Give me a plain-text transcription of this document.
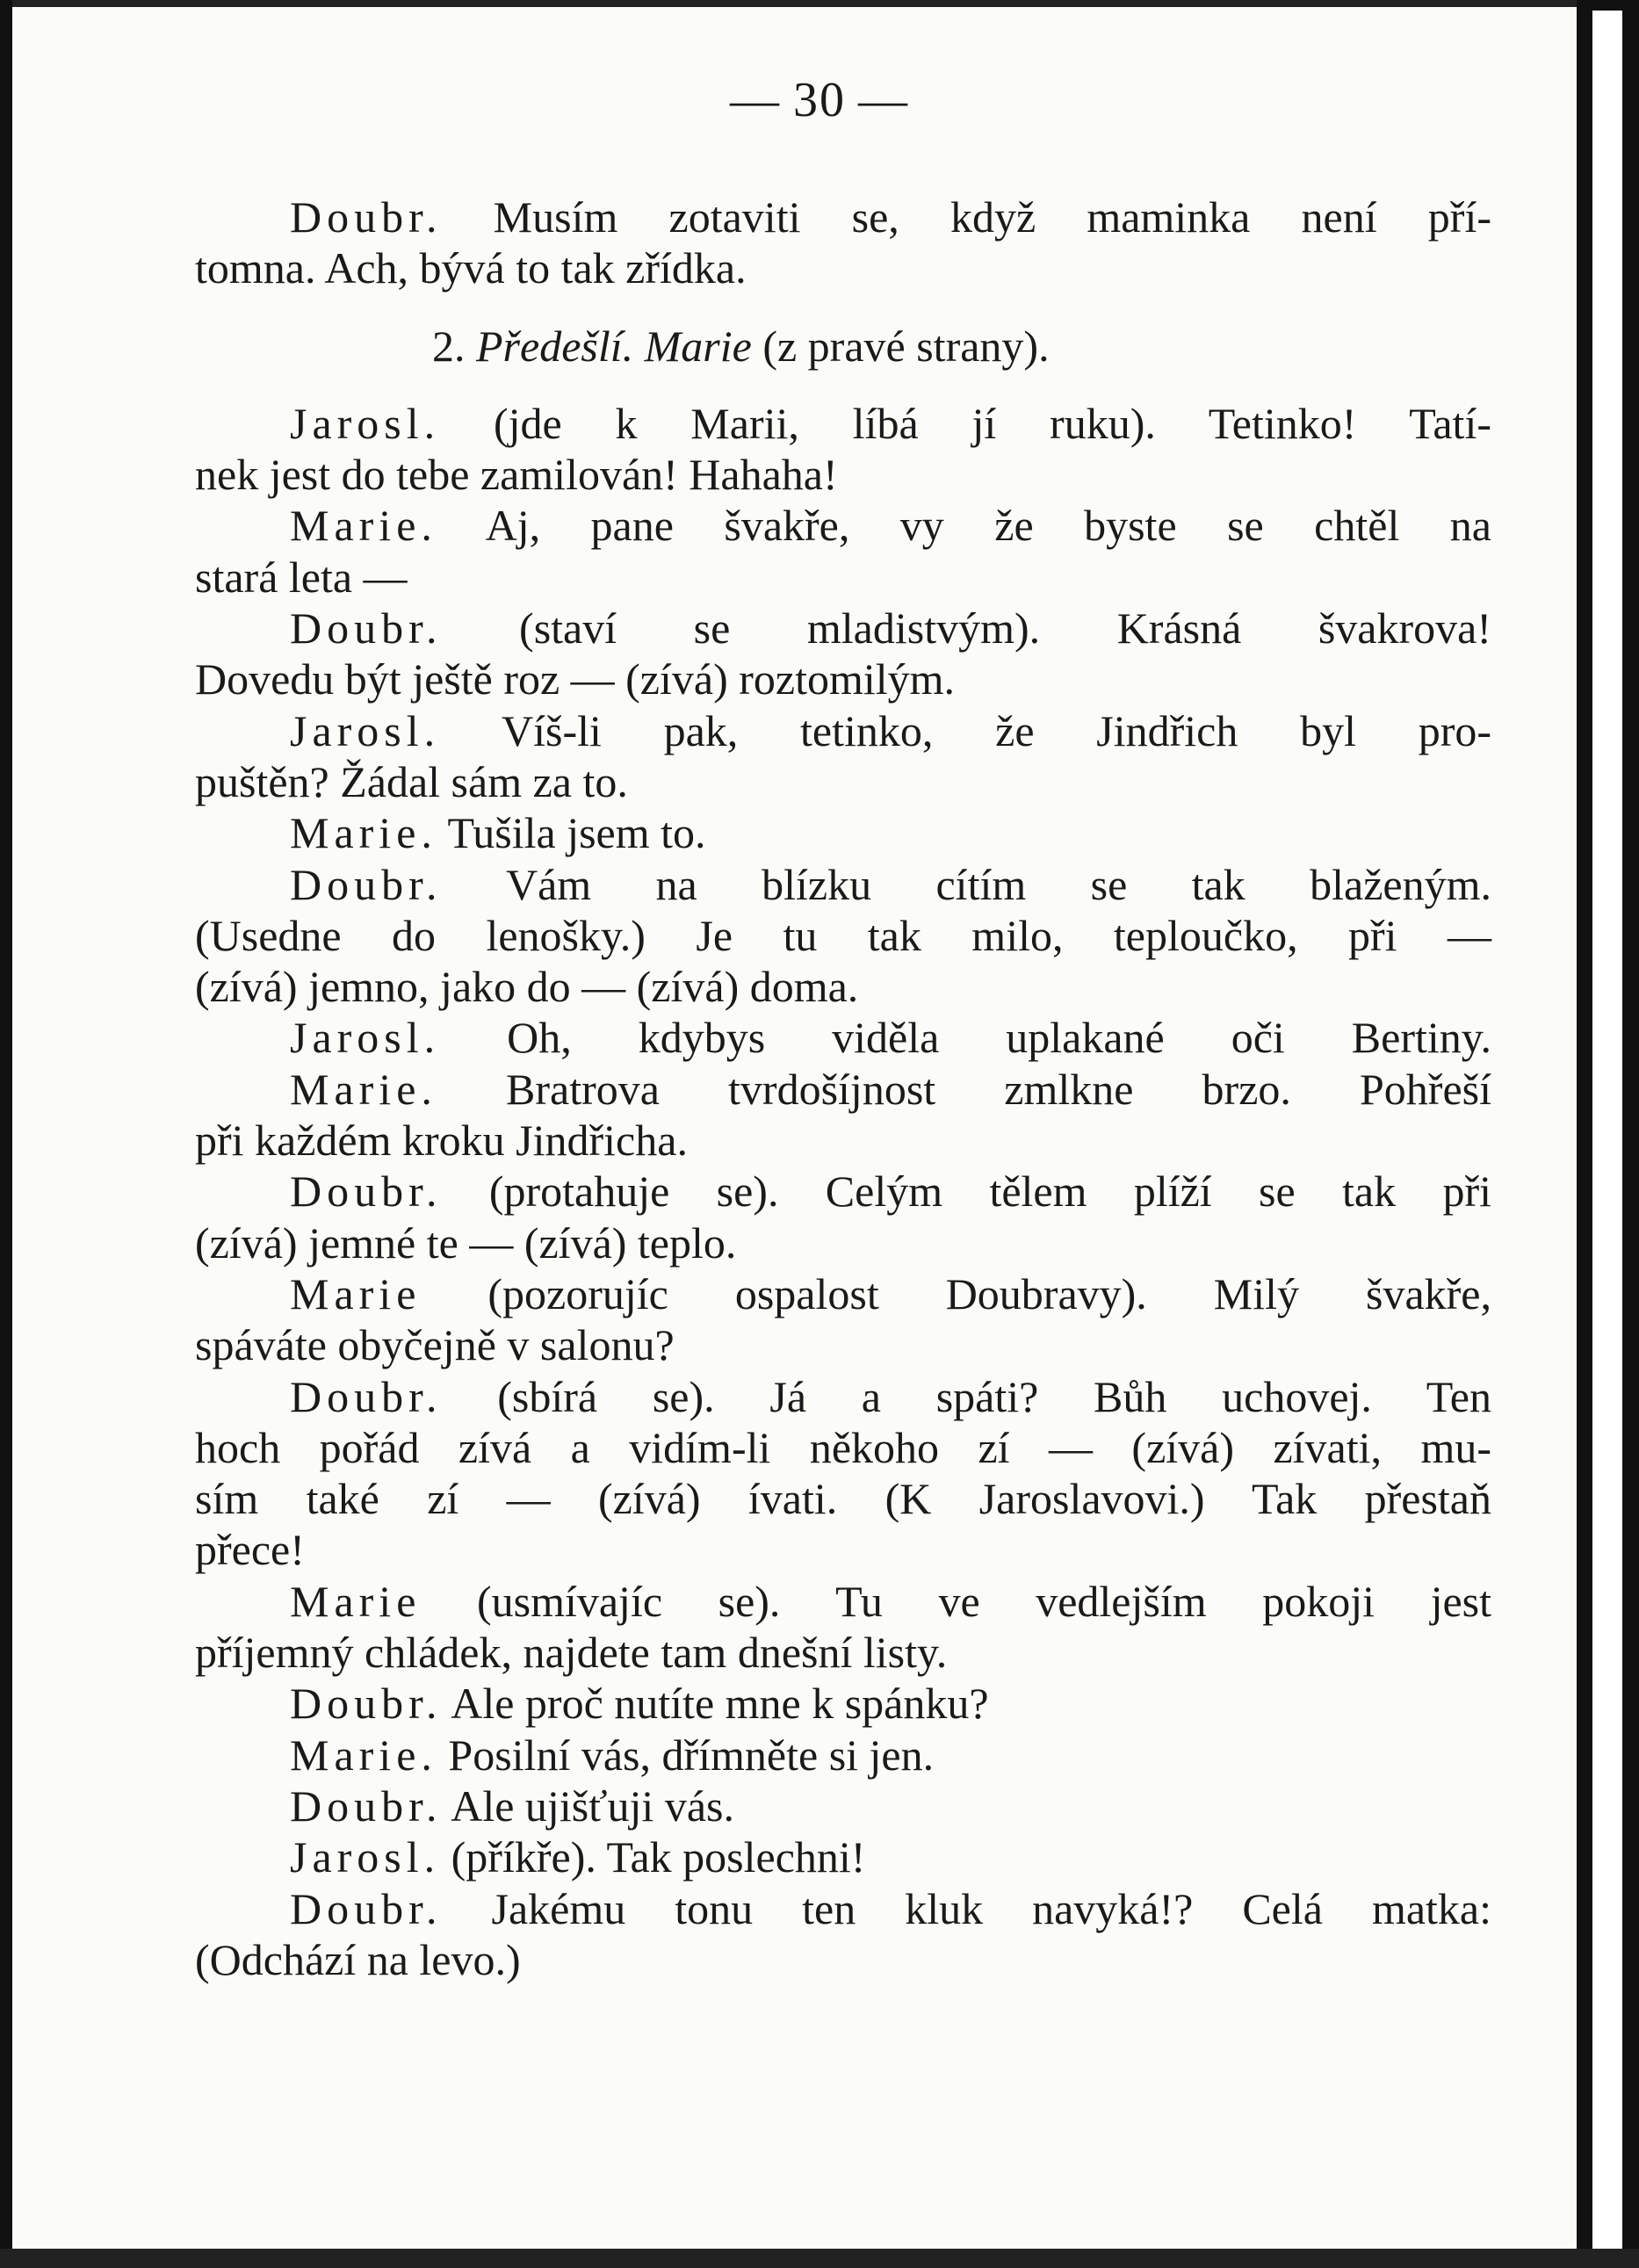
— 30 —
Doubr. Musím zotaviti se, když maminka není pří-
tomna. Ach, bývá to tak zřídka.
2. Předešlí. Marie (z pravé strany).
Jarosl. (jde k Marii, líbá jí ruku). Tetinko! Tatí-
nek jest do tebe zamilován! Hahaha!
Marie. Aj, pane švakře, vy že byste se chtěl na
stará leta —
Doubr. (staví se mladistvým). Krásná švakrova!
Dovedu být ještě roz — (zívá) roztomilým.
Jarosl. Víš-li pak, tetinko, že Jindřich byl pro-
puštěn? Žádal sám za to.
Marie. Tušila jsem to.
Doubr. Vám na blízku cítím se tak blaženým.
(Usedne do lenošky.) Je tu tak milo, teploučko, při —
(zívá) jemno, jako do — (zívá) doma.
Jarosl. Oh, kdybys viděla uplakané oči Bertiny.
Marie. Bratrova tvrdošíjnost zmlkne brzo. Pohřeší
při každém kroku Jindřicha.
Doubr. (protahuje se). Celým tělem plíží se tak při
(zívá) jemné te — (zívá) teplo.
Marie (pozorujíc ospalost Doubravy). Milý švakře,
spáváte obyčejně v salonu?
Doubr. (sbírá se). Já a spáti? Bůh uchovej. Ten
hoch pořád zívá a vidím-li někoho zí — (zívá) zívati, mu-
sím také zí — (zívá) ívati. (K Jaroslavovi.) Tak přestaň
přece!
Marie (usmívajíc se). Tu ve vedlejším pokoji jest
příjemný chládek, najdete tam dnešní listy.
Doubr. Ale proč nutíte mne k spánku?
Marie. Posilní vás, dřímněte si jen.
Doubr. Ale ujišťuji vás.
Jarosl. (příkře). Tak poslechni!
Doubr. Jakému tonu ten kluk navyká!? Celá matka:
(Odchází na levo.)
